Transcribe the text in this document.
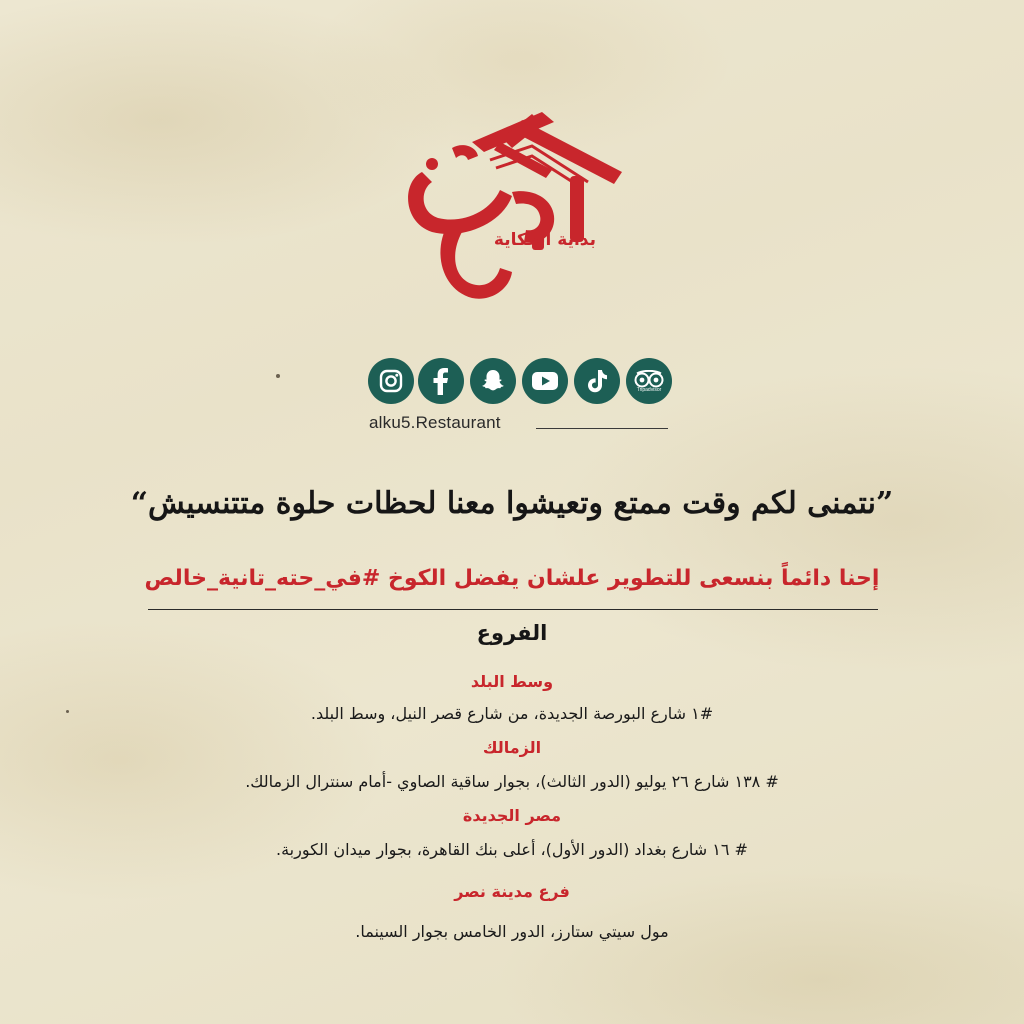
بداية الحكاية
Tripadvisor
alku5.Restaurant
”نتمنى لكم وقت ممتع وتعيشوا معنا لحظات حلوة متتنسيش“
إحنا دائماً بنسعى للتطوير علشان يفضل الكوخ #في_حته_تانية_خالص
الفروع
وسط البلد
#١ شارع البورصة الجديدة، من شارع قصر النيل، وسط البلد.
الزمالك
# ١٣٨ شارع ٢٦ يوليو (الدور الثالث)، بجوار ساقية الصاوي -أمام سنترال الزمالك.
مصر الجديدة
# ١٦ شارع بغداد (الدور الأول)، أعلى بنك القاهرة، بجوار ميدان الكوربة.
فرع مدينة نصر
مول سيتي ستارز، الدور الخامس بجوار السينما.
